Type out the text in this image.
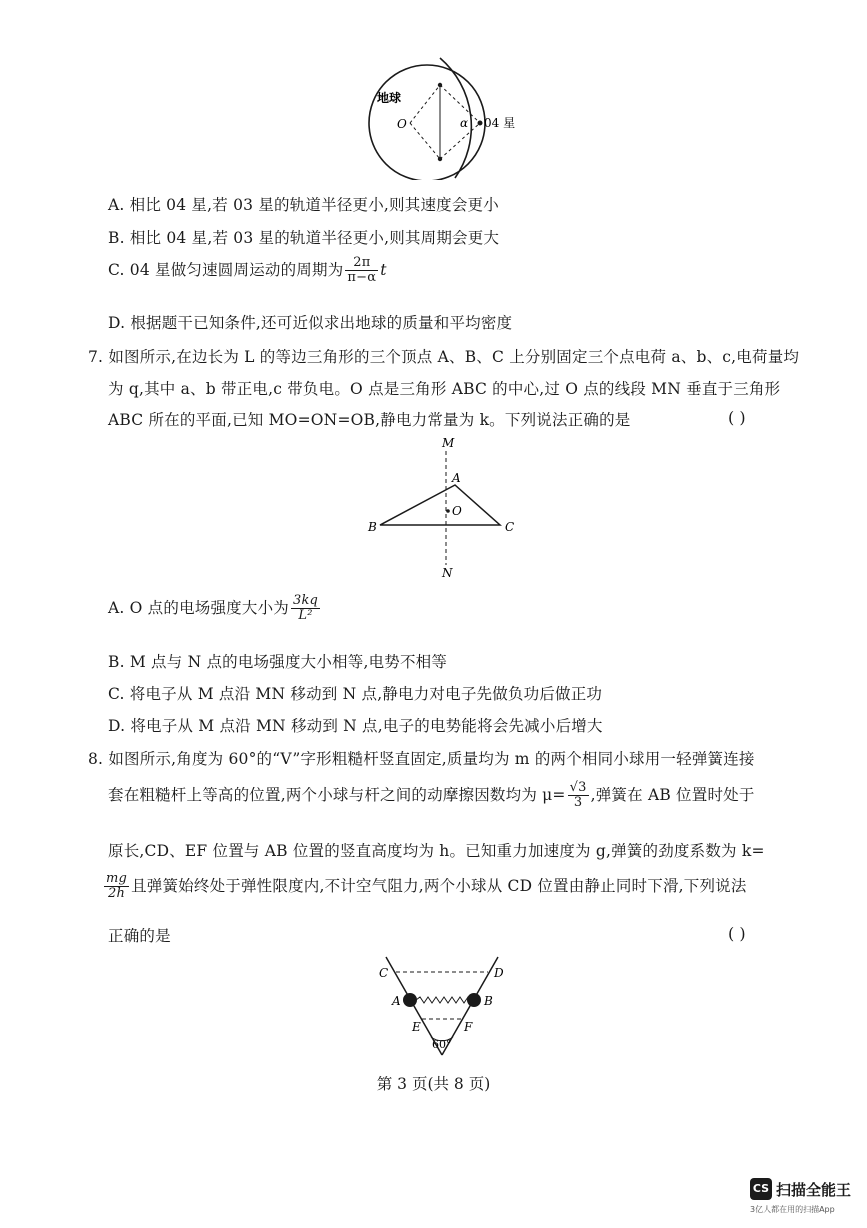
地球
O	α 04 星
A. 相比 04 星,若 03 星的轨道半径更小,则其速度会更小
B. 相比 04 星,若 03 星的轨道半径更小,则其周期会更大
C. 04 星做匀速圆周运动的周期为 $\frac{2\pi}{\pi-\alpha}$ t
D. 根据题干已知条件,还可近似求出地球的质量和平均密度
7. 如图所示,在边长为 L 的等边三角形的三个顶点 A、B、C 上分别固定三个点电荷 a、b、c,电荷量均
为 q,其中 a、b 带正电,c 带负电。O 点是三角形 ABC 的中心,过 O 点的线段 MN 垂直于三角形
ABC 所在的平面,已知 MO=ON=OB,静电力常量为 k。下列说法正确的是	( )
M
A
O
B	C
N
A. O 点的电场强度大小为 $\frac{3kq}{\text{L²}}$
B. M 点与 N 点的电场强度大小相等,电势不相等
C. 将电子从 M 点沿 MN 移动到 N 点,静电力对电子先做负功后做正功
D. 将电子从 M 点沿 MN 移动到 N 点,电子的电势能将会先减小后增大
8. 如图所示,角度为 60°的“V”字形粗糙杆竖直固定,质量均为 m 的两个相同小球用一轻弹簧连接
套在粗糙杆上等高的位置,两个小球与杆之间的动摩擦因数均为 $\mu= \frac{√3}{3}$ ,弹簧在 AB 位置时处于
原长,CD、EF 位置与 AB 位置的竖直高度均为 h。已知重力加速度为 g,弹簧的劲度系数为 k=
$\frac{mg}{2h}$ 且弹簧始终处于弹性限度内,不计空气阻力,两个小球从 CD 位置由静止同时下滑,下列说法
正确的是	( )
C	D
A	B
E	F
60°
第 3 页(共 8 页)
CS 扫描全能王
3亿人都在用的扫描App
